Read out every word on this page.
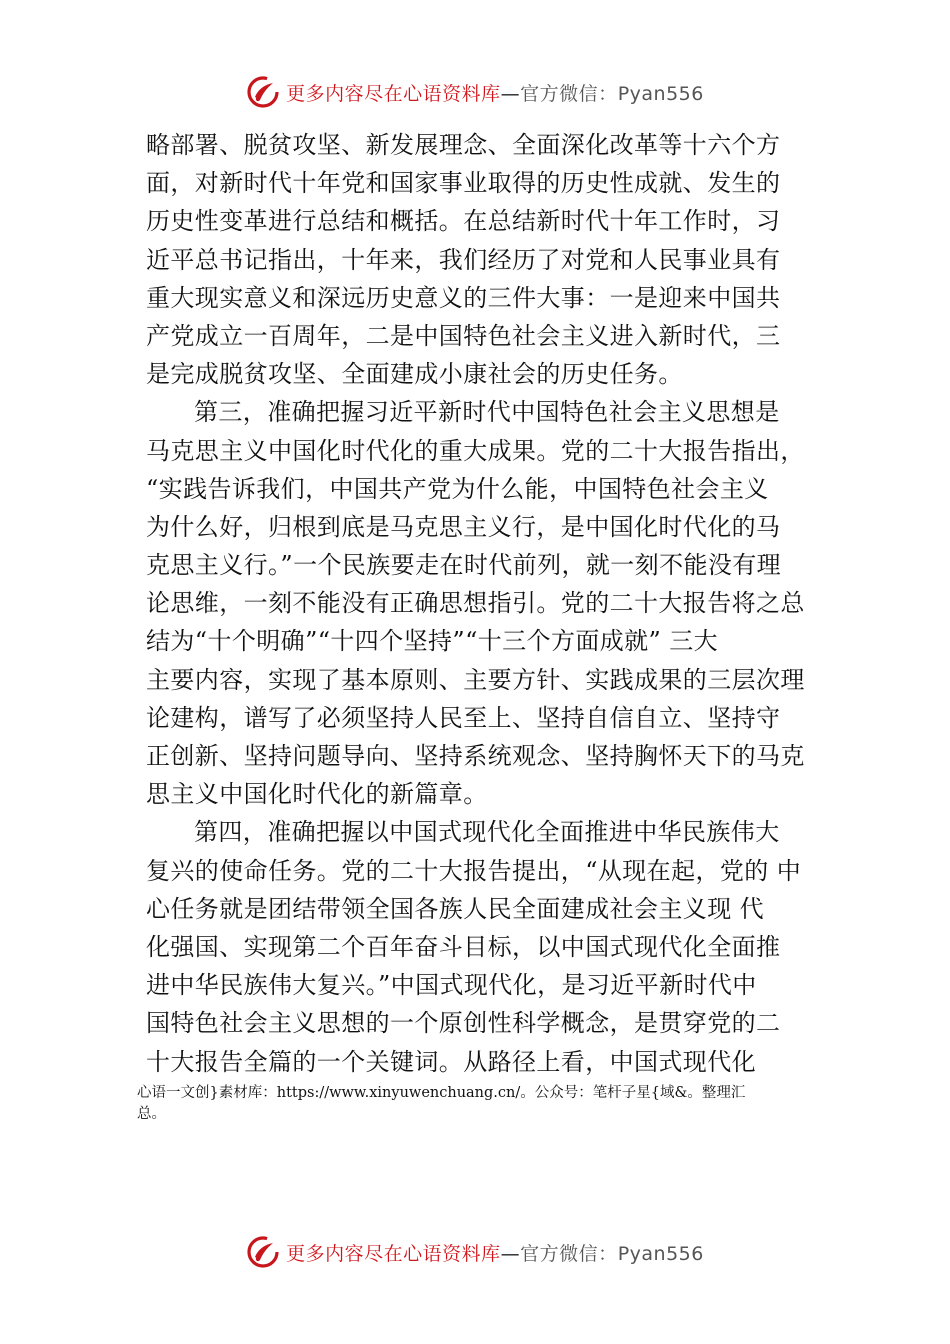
更多内容尽在心语资料库—官方微信：Pyan556
略部署、脱贫攻坚、新发展理念、全面深化改革等十六个方
面，对新时代十年党和国家事业取得的历史性成就、发生的
历史性变革进行总结和概括。在总结新时代十年工作时，习
近平总书记指出，十年来，我们经历了对党和人民事业具有
重大现实意义和深远历史意义的三件大事：一是迎来中国共
产党成立一百周年，二是中国特色社会主义进入新时代，三
是完成脱贫攻坚、全面建成小康社会的历史任务。
第三，准确把握习近平新时代中国特色社会主义思想是
马克思主义中国化时代化的重大成果。党的二十大报告指出，
“实践告诉我们，中国共产党为什么能，中国特色社会主义
为什么好，归根到底是马克思主义行，是中国化时代化的马
克思主义行。”一个民族要走在时代前列，就一刻不能没有理
论思维，一刻不能没有正确思想指引。党的二十大报告将之总
结为“十个明确”“十四个坚持”“十三个方面成就” 三大
主要内容，实现了基本原则、主要方针、实践成果的三层次理
论建构，谱写了必须坚持人民至上、坚持自信自立、坚持守
正创新、坚持问题导向、坚持系统观念、坚持胸怀天下的马克
思主义中国化时代化的新篇章。
第四，准确把握以中国式现代化全面推进中华民族伟大
复兴的使命任务。党的二十大报告提出，“从现在起，党的 中
心任务就是团结带领全国各族人民全面建成社会主义现 代
化强国、实现第二个百年奋斗目标，以中国式现代化全面推
进中华民族伟大复兴。”中国式现代化，是习近平新时代中
国特色社会主义思想的一个原创性科学概念，是贯穿党的二
十大报告全篇的一个关键词。从路径上看，中国式现代化
心语一文创}素材库：https://www.xinyuwenchuang.cn/。公众号：笔杆子星{域&。整理汇
总。
更多内容尽在心语资料库—官方微信：Pyan556
